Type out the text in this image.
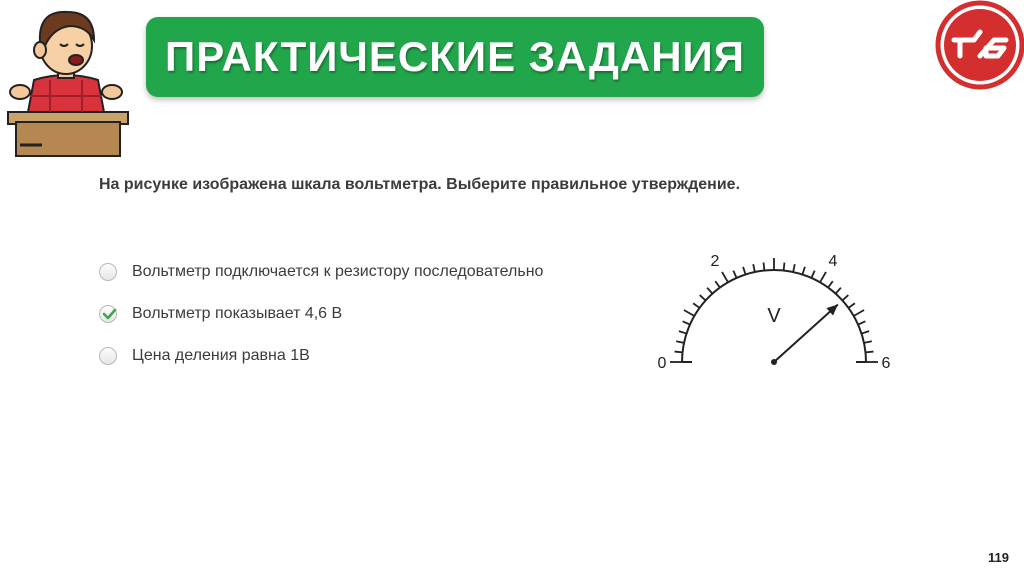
ПРАКТИЧЕСКИЕ ЗАДАНИЯ
На рисунке изображена шкала вольтметра. Выберите правильное утверждение.
Вольтметр подключается к резистору последовательно
Вольтметр показывает 4,6 В
Цена деления равна 1В
V
0
2	4
6
119
